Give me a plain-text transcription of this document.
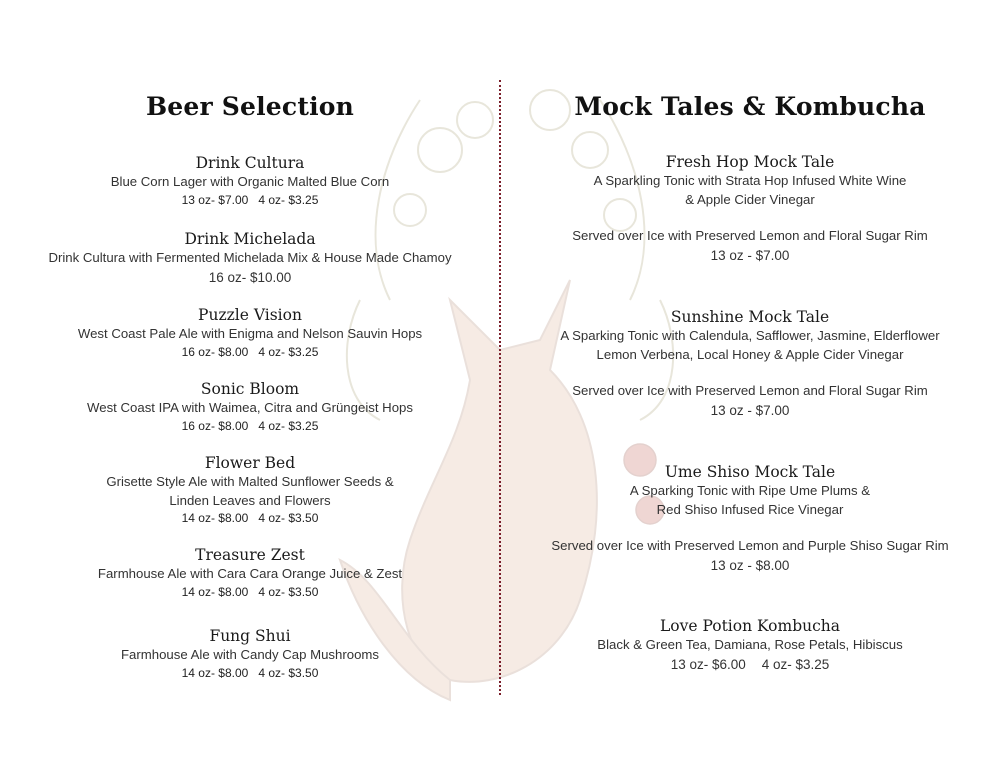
Beer Selection
Drink Cultura
Blue Corn Lager with Organic Malted Blue Corn
13 oz- $7.00 4 oz- $3.25
Drink Michelada
Drink Cultura with Fermented Michelada Mix & House Made Chamoy
16 oz- $10.00
Puzzle Vision
West Coast Pale Ale with Enigma and Nelson Sauvin Hops
16 oz- $8.00 4 oz- $3.25
Sonic Bloom
West Coast IPA with Waimea, Citra and Grüngeist Hops
16 oz- $8.00 4 oz- $3.25
Flower Bed
Grisette Style Ale with Malted Sunflower Seeds &
Linden Leaves and Flowers
14 oz- $8.00 4 oz- $3.50
Treasure Zest
Farmhouse Ale with Cara Cara Orange Juice & Zest
14 oz- $8.00 4 oz- $3.50
Fung Shui
Farmhouse Ale with Candy Cap Mushrooms
14 oz- $8.00 4 oz- $3.50
Mock Tales & Kombucha
Fresh Hop Mock Tale
A Sparkling Tonic with Strata Hop Infused White Wine
& Apple Cider Vinegar
Served over Ice with Preserved Lemon and Floral Sugar Rim
13 oz - $7.00
Sunshine Mock Tale
A Sparking Tonic with Calendula, Safflower, Jasmine, Elderflower
Lemon Verbena, Local Honey & Apple Cider Vinegar
Served over Ice with Preserved Lemon and Floral Sugar Rim
13 oz - $7.00
Ume Shiso Mock Tale
A Sparking Tonic with Ripe Ume Plums &
Red Shiso Infused Rice Vinegar
Served over Ice with Preserved Lemon and Purple Shiso Sugar Rim
13 oz - $8.00
Love Potion Kombucha
Black & Green Tea, Damiana, Rose Petals, Hibiscus
13 oz- $6.00 4 oz- $3.25
